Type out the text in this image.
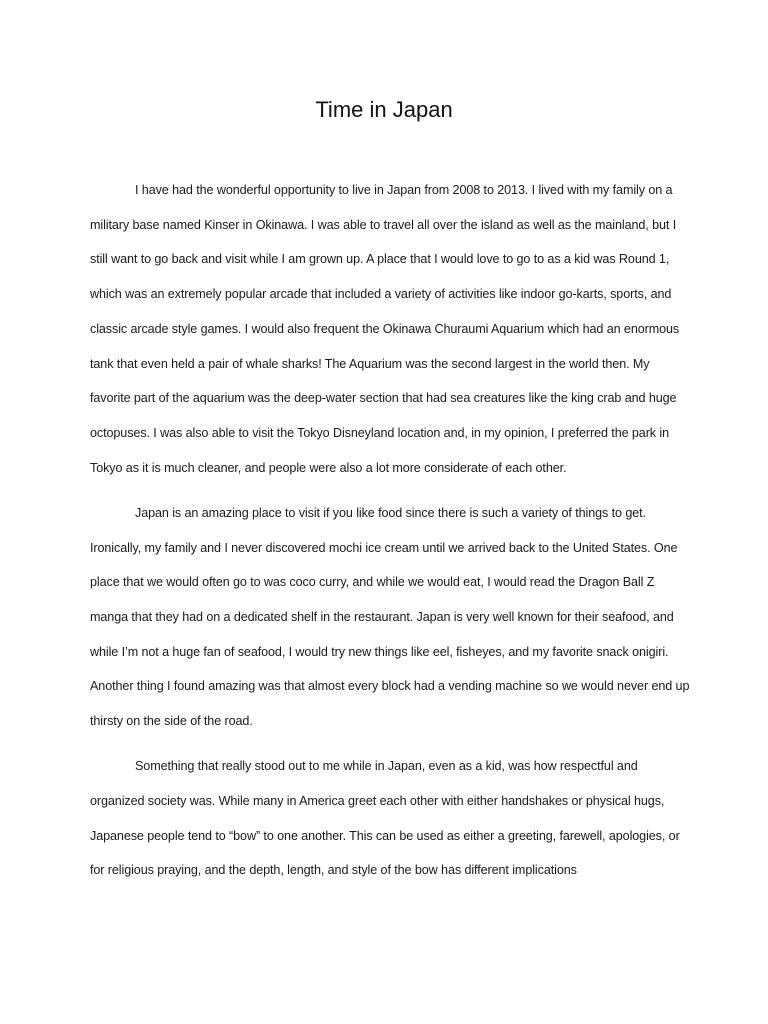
Time in Japan

I have had the wonderful opportunity to live in Japan from 2008 to 2013. I lived with my family on a military base named Kinser in Okinawa. I was able to travel all over the island as well as the mainland, but I still want to go back and visit while I am grown up. A place that I would love to go to as a kid was Round 1, which was an extremely popular arcade that included a variety of activities like indoor go-karts, sports, and classic arcade style games. I would also frequent the Okinawa Churaumi Aquarium which had an enormous tank that even held a pair of whale sharks! The Aquarium was the second largest in the world then. My favorite part of the aquarium was the deep-water section that had sea creatures like the king crab and huge octopuses. I was also able to visit the Tokyo Disneyland location and, in my opinion, I preferred the park in Tokyo as it is much cleaner, and people were also a lot more considerate of each other.

Japan is an amazing place to visit if you like food since there is such a variety of things to get. Ironically, my family and I never discovered mochi ice cream until we arrived back to the United States. One place that we would often go to was coco curry, and while we would eat, I would read the Dragon Ball Z manga that they had on a dedicated shelf in the restaurant. Japan is very well known for their seafood, and while I’m not a huge fan of seafood, I would try new things like eel, fisheyes, and my favorite snack onigiri. Another thing I found amazing was that almost every block had a vending machine so we would never end up thirsty on the side of the road.

Something that really stood out to me while in Japan, even as a kid, was how respectful and organized society was. While many in America greet each other with either handshakes or physical hugs, Japanese people tend to “bow” to one another. This can be used as either a greeting, farewell, apologies, or for religious praying, and the depth, length, and style of the bow has different implications
